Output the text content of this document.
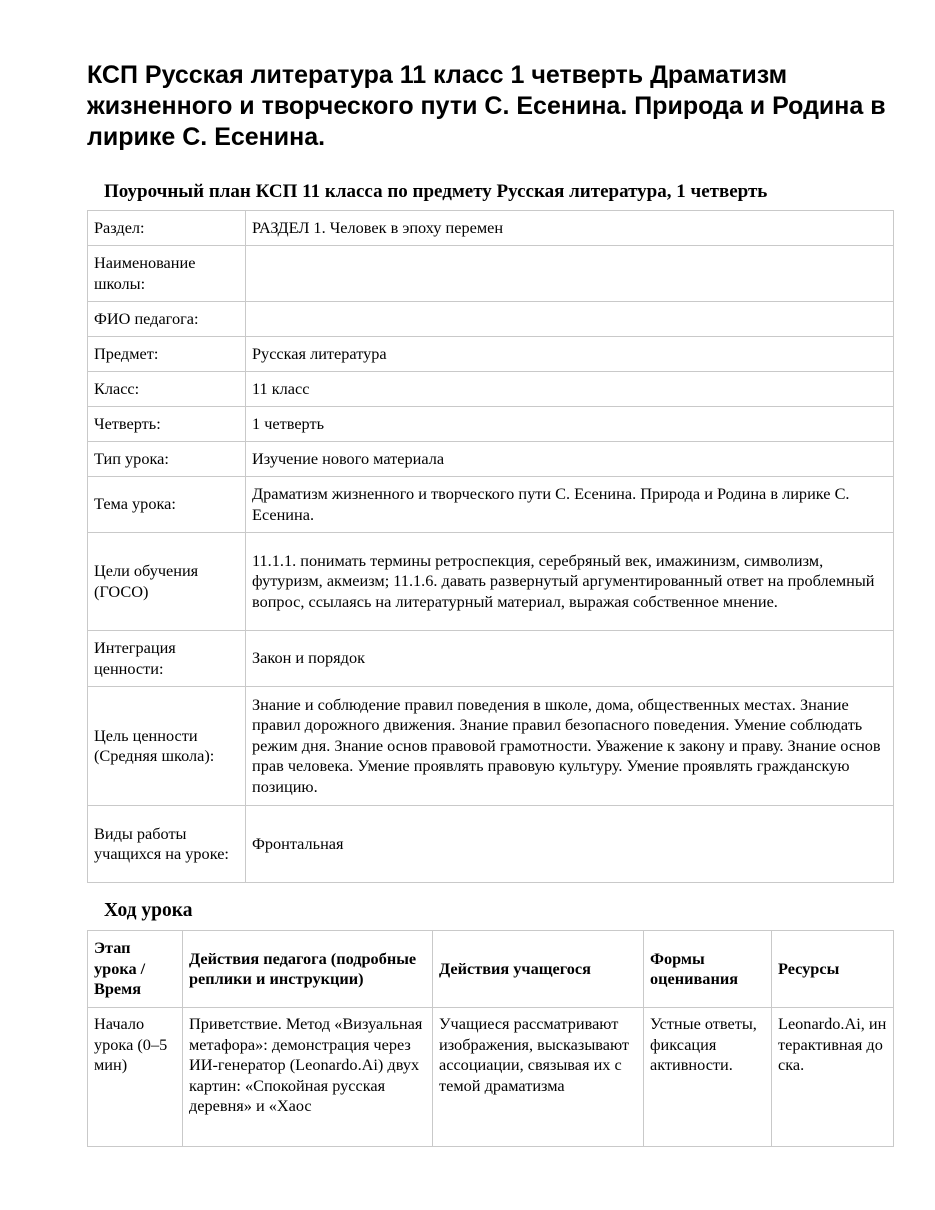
КСП Русская литература 11 класс 1 четверть Драматизм жизненного и творческого пути С. Есенина. Природа и Родина в лирике С. Есенина.
Поурочный план КСП 11 класса по предмету Русская литература, 1 четверть
Раздел:	РАЗДЕЛ 1. Человек в эпоху перемен
Наименование школы:	
ФИО педагога:	
Предмет:	Русская литература
Класс:	11 класс
Четверть:	1 четверть
Тип урока:	Изучение нового материала
Тема урока:	Драматизм жизненного и творческого пути С. Есенина. Природа и Родина в лирике С. Есенина.
Цели обучения (ГОСО)	11.1.1. понимать термины ретроспекция, серебряный век, имажинизм, символизм, футуризм, акмеизм; 11.1.6. давать развернутый аргументированный ответ на проблемный вопрос, ссылаясь на литературный материал, выражая собственное мнение.
Интеграция ценности:	Закон и порядок
Цель ценности (Средняя школа):	Знание и соблюдение правил поведения в школе, дома, общественных местах. Знание правил дорожного движения. Знание правил безопасного поведения. Умение соблюдать режим дня. Знание основ правовой грамотности. Уважение к закону и праву. Знание основ прав человека. Умение проявлять правовую культуру. Умение проявлять гражданскую позицию.
Виды работы учащихся на уроке:	Фронтальная
Ход урока
Этап урока / Время	Действия педагога (подробные реплики и инструкции)	Действия учащегося	Формы оценивания	Ресурсы

Начало урока (0–5 мин)	Приветствие. Метод «Визуальная метафора»: демонстрация через ИИ-генератор (Leonardo.Ai) двух картин: «Спокойная русская деревня» и «Хаос	Учащиеся рассматривают изображения, высказывают ассоциации, связывая их с темой драматизма	Устные ответы, фиксация активности.	Leonardo.Ai, интерактивная доска.
